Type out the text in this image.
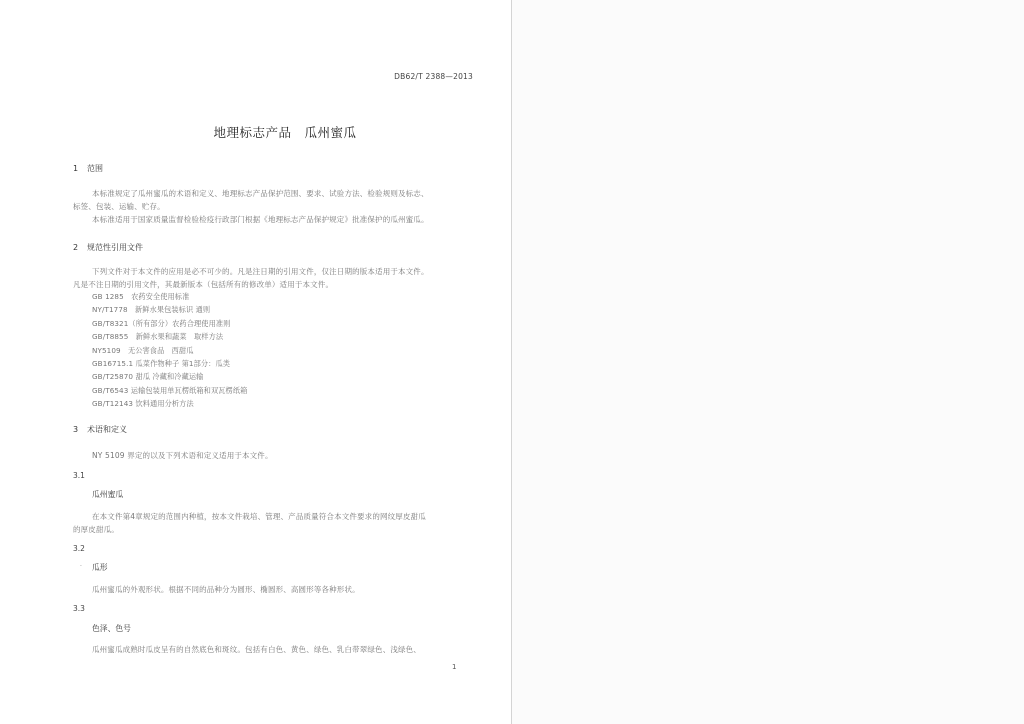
DB62/T 2388—2013
地理标志产品　瓜州蜜瓜
1 范围
本标准规定了瓜州蜜瓜的术语和定义、地理标志产品保护范围、要求、试验方法、检验规则及标志、
标签、包装、运输、贮存。
本标准适用于国家质量监督检验检疫行政部门根据《地理标志产品保护规定》批准保护的瓜州蜜瓜。
2 规范性引用文件
下列文件对于本文件的应用是必不可少的。凡是注日期的引用文件，仅注日期的版本适用于本文件。
凡是不注日期的引用文件，其最新版本（包括所有的修改单）适用于本文件。
GB 1285　农药安全使用标准
NY/T1778　新鲜水果包装标识 通则
GB/T8321（所有部分）农药合理使用准则
GB/T8855　新鲜水果和蔬菜　取样方法
NY5109　无公害食品　西甜瓜
GB16715.1 瓜菜作物种子 第1部分：瓜类
GB/T25870 甜瓜 冷藏和冷藏运输
GB/T6543 运输包装用单瓦楞纸箱和双瓦楞纸箱
GB/T12143 饮料通用分析方法
3 术语和定义
NY 5109 界定的以及下列术语和定义适用于本文件。
3.1
瓜州蜜瓜
在本文件第4章规定的范围内种植，按本文件栽培、管理、产品质量符合本文件要求的网纹厚皮甜瓜
的厚皮甜瓜。
3.2
· 瓜形
瓜州蜜瓜的外观形状。根据不同的品种分为圆形、椭圆形、高圆形等各种形状。
3.3
色泽、色号
瓜州蜜瓜成熟时瓜皮呈有的自然底色和斑纹。包括有白色、黄色、绿色、乳白带翠绿色、浅绿色、
1
